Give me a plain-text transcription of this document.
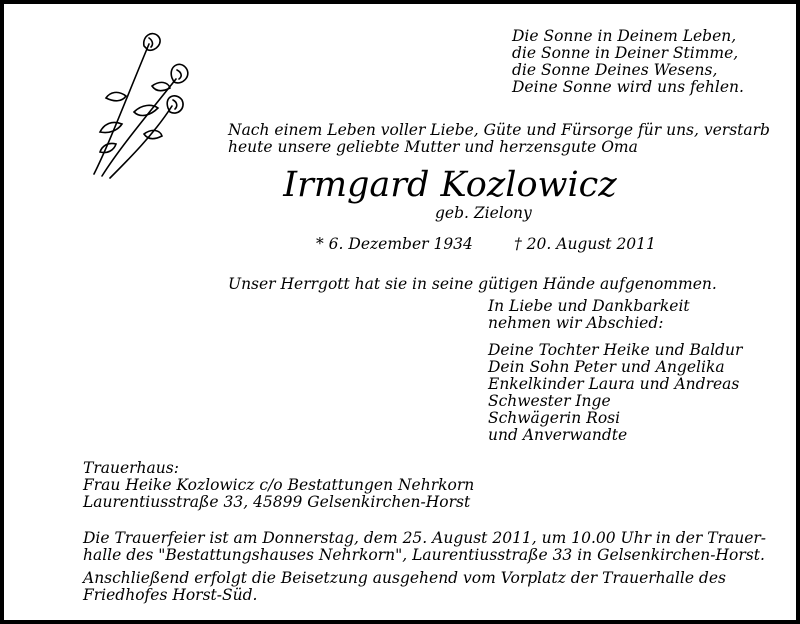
Die Sonne in Deinem Leben,
die Sonne in Deiner Stimme,
die Sonne Deines Wesens,
Deine Sonne wird uns fehlen.
Nach einem Leben voller Liebe, Güte und Fürsorge für uns, verstarb
heute unsere geliebte Mutter und herzensgute Oma
Irmgard Kozlowicz
geb. Zielony
* 6. Dezember 1934	† 20. August 2011
Unser Herrgott hat sie in seine gütigen Hände aufgenommen.
In Liebe und Dankbarkeit
nehmen wir Abschied:
Deine Tochter Heike und Baldur
Dein Sohn Peter und Angelika
Enkelkinder Laura und Andreas
Schwester Inge
Schwägerin Rosi
und Anverwandte
Trauerhaus:
Frau Heike Kozlowicz c/o Bestattungen Nehrkorn
Laurentiusstraße 33, 45899 Gelsenkirchen-Horst
Die Trauerfeier ist am Donnerstag, dem 25. August 2011, um 10.00 Uhr in der Trauer-
halle des "Bestattungshauses Nehrkorn", Laurentiusstraße 33 in Gelsenkirchen-Horst.
Anschließend erfolgt die Beisetzung ausgehend vom Vorplatz der Trauerhalle des
Friedhofes Horst-Süd.
